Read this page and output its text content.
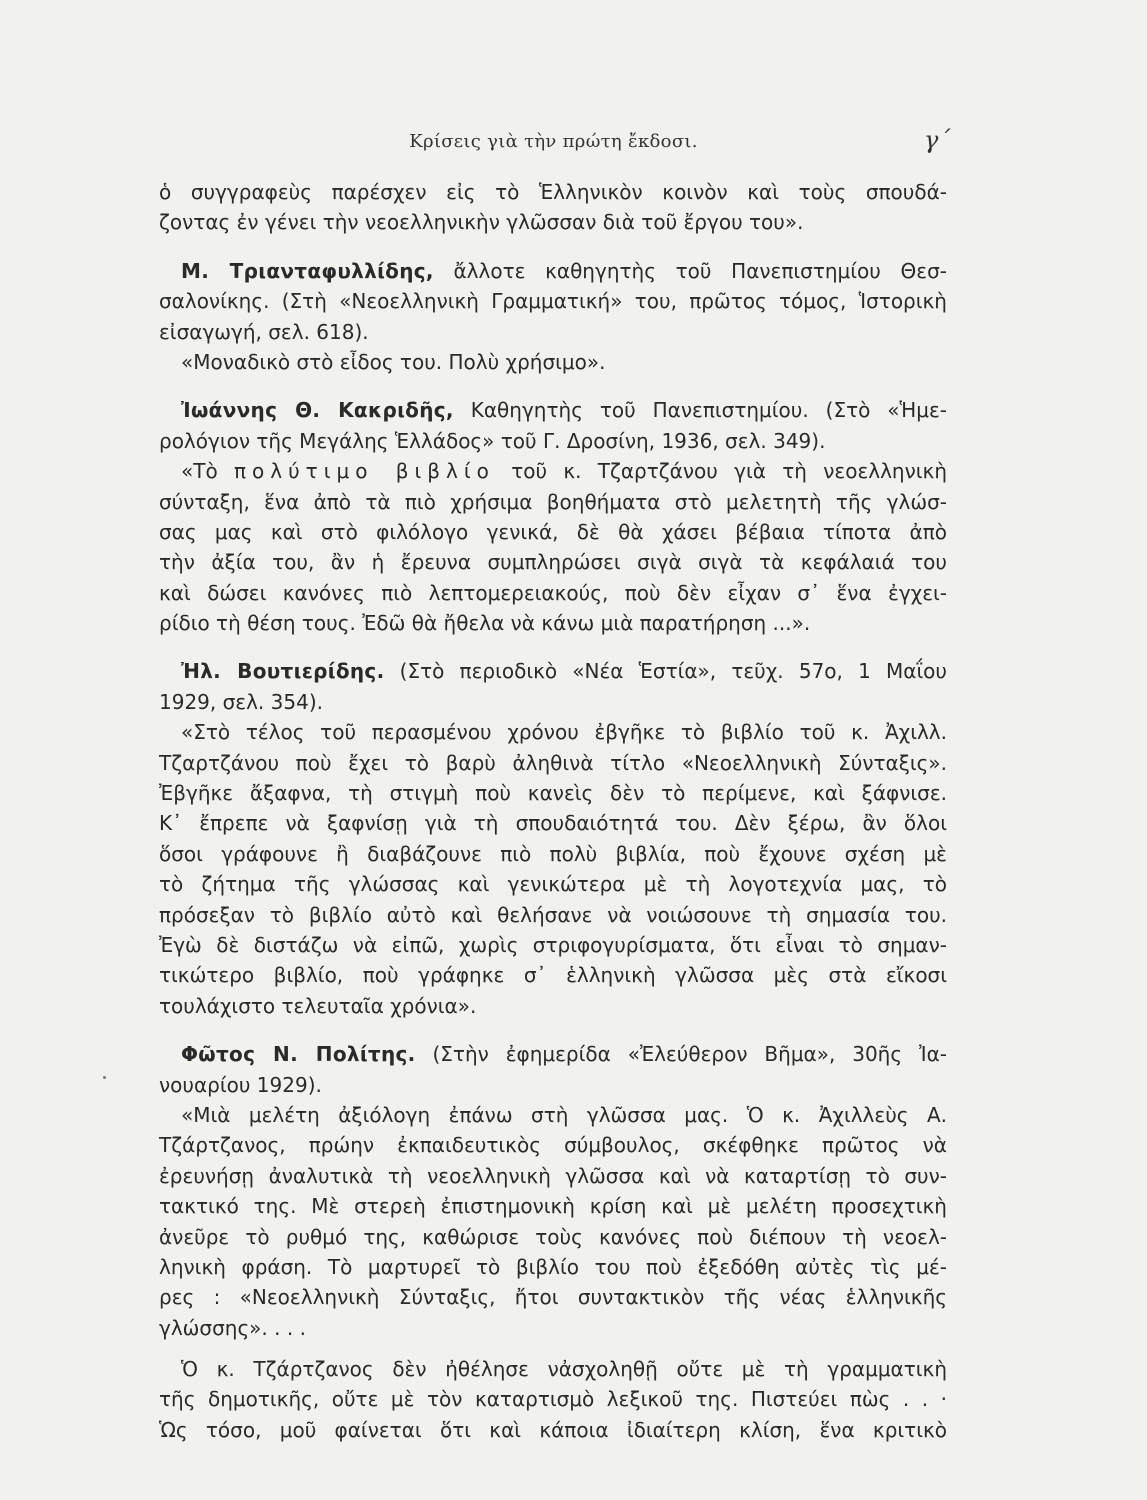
Κρίσεις γιὰ τὴν πρώτη ἔκδοσι.	γ΄
ὁ συγγραφεὺς παρέσχεν εἰς τὸ Ἑλληνικὸν κοινὸν καὶ τοὺς σπουδά-
ζοντας ἐν γένει τὴν νεοελληνικὴν γλῶσσαν διὰ τοῦ ἔργου του».
Μ. Τριανταφυλλίδης, ἄλλοτε καθηγητὴς τοῦ Πανεπιστημίου Θεσ-
σαλονίκης. (Στὴ «Νεοελληνικὴ Γραμματική» του, πρῶτος τόμος, Ἱστορικὴ
εἰσαγωγή, σελ. 618).
«Μοναδικὸ στὸ εἶδος του. Πολὺ χρήσιμο».
Ἰωάννης Θ. Κακριδῆς, Καθηγητὴς τοῦ Πανεπιστημίου. (Στὸ «Ἡμε-
ρολόγιον τῆς Μεγάλης Ἑλλάδος» τοῦ Γ. Δροσίνη, 1936, σελ. 349).
«Τὸ πολύτιμο βιβλίο τοῦ κ. Τζαρτζάνου γιὰ τὴ νεοελληνικὴ
σύνταξη, ἕνα ἀπὸ τὰ πιὸ χρήσιμα βοηθήματα στὸ μελετητὴ τῆς γλώσ-
σας μας καὶ στὸ φιλόλογο γενικά, δὲ θὰ χάσει βέβαια τίποτα ἀπὸ
τὴν ἀξία του, ἂν ἡ ἔρευνα συμπληρώσει σιγὰ σιγὰ τὰ κεφάλαιά του
καὶ δώσει κανόνες πιὸ λεπτομερειακούς, ποὺ δὲν εἶχαν σ᾿ ἕνα ἐγχει-
ρίδιο τὴ θέση τους. Ἐδῶ θὰ ἤθελα νὰ κάνω μιὰ παρατήρηση ...».
Ἠλ. Βουτιερίδης. (Στὸ περιοδικὸ «Νέα Ἑστία», τεῦχ. 57ο, 1 Μαΐου
1929, σελ. 354).
«Στὸ τέλος τοῦ περασμένου χρόνου ἐβγῆκε τὸ βιβλίο τοῦ κ. Ἀχιλλ.
Τζαρτζάνου ποὺ ἔχει τὸ βαρὺ ἀληθινὰ τίτλο «Νεοελληνικὴ Σύνταξις».
Ἐβγῆκε ἄξαφνα, τὴ στιγμὴ ποὺ κανεὶς δὲν τὸ περίμενε, καὶ ξάφνισε.
Κ᾿ ἔπρεπε νὰ ξαφνίσῃ γιὰ τὴ σπουδαιότητά του. Δὲν ξέρω, ἂν ὅλοι
ὅσοι γράφουνε ἢ διαβάζουνε πιὸ πολὺ βιβλία, ποὺ ἔχουνε σχέση μὲ
τὸ ζήτημα τῆς γλώσσας καὶ γενικώτερα μὲ τὴ λογοτεχνία μας, τὸ
πρόσεξαν τὸ βιβλίο αὐτὸ καὶ θελήσανε νὰ νοιώσουνε τὴ σημασία του.
Ἐγὼ δὲ διστάζω νὰ εἰπῶ, χωρὶς στριφογυρίσματα, ὅτι εἶναι τὸ σημαν-
τικώτερο βιβλίο, ποὺ γράφηκε σ᾿ ἑλληνικὴ γλῶσσα μὲς στὰ εἴκοσι
τουλάχιστο τελευταῖα χρόνια».
Φῶτος Ν. Πολίτης. (Στὴν ἐφημερίδα «Ἐλεύθερον Βῆμα», 30ῆς Ἰα-
νουαρίου 1929).
«Μιὰ μελέτη ἀξιόλογη ἐπάνω στὴ γλῶσσα μας. Ὁ κ. Ἀχιλλεὺς Α.
Τζάρτζανος, πρώην ἐκπαιδευτικὸς σύμβουλος, σκέφθηκε πρῶτος νὰ
ἐρευνήσῃ ἀναλυτικὰ τὴ νεοελληνικὴ γλῶσσα καὶ νὰ καταρτίσῃ τὸ συν-
τακτικό της. Μὲ στερεὴ ἐπιστημονικὴ κρίση καὶ μὲ μελέτη προσεχτικὴ
ἀνεῦρε τὸ ρυθμό της, καθώρισε τοὺς κανόνες ποὺ διέπουν τὴ νεοελ-
ληνικὴ φράση. Τὸ μαρτυρεῖ τὸ βιβλίο του ποὺ ἐξεδόθη αὐτὲς τὶς μέ-
ρες : «Νεοελληνικὴ Σύνταξις, ἤτοι συντακτικὸν τῆς νέας ἑλληνικῆς
γλώσσης». . . .
Ὁ κ. Τζάρτζανος δὲν ἠθέλησε νἀσχοληθῇ οὔτε μὲ τὴ γραμματικὴ
τῆς δημοτικῆς, οὔτε μὲ τὸν καταρτισμὸ λεξικοῦ της. Πιστεύει πὼς . . ·
Ὡς τόσο, μοῦ φαίνεται ὅτι καὶ κάποια ἰδιαίτερη κλίση, ἕνα κριτικὸ
